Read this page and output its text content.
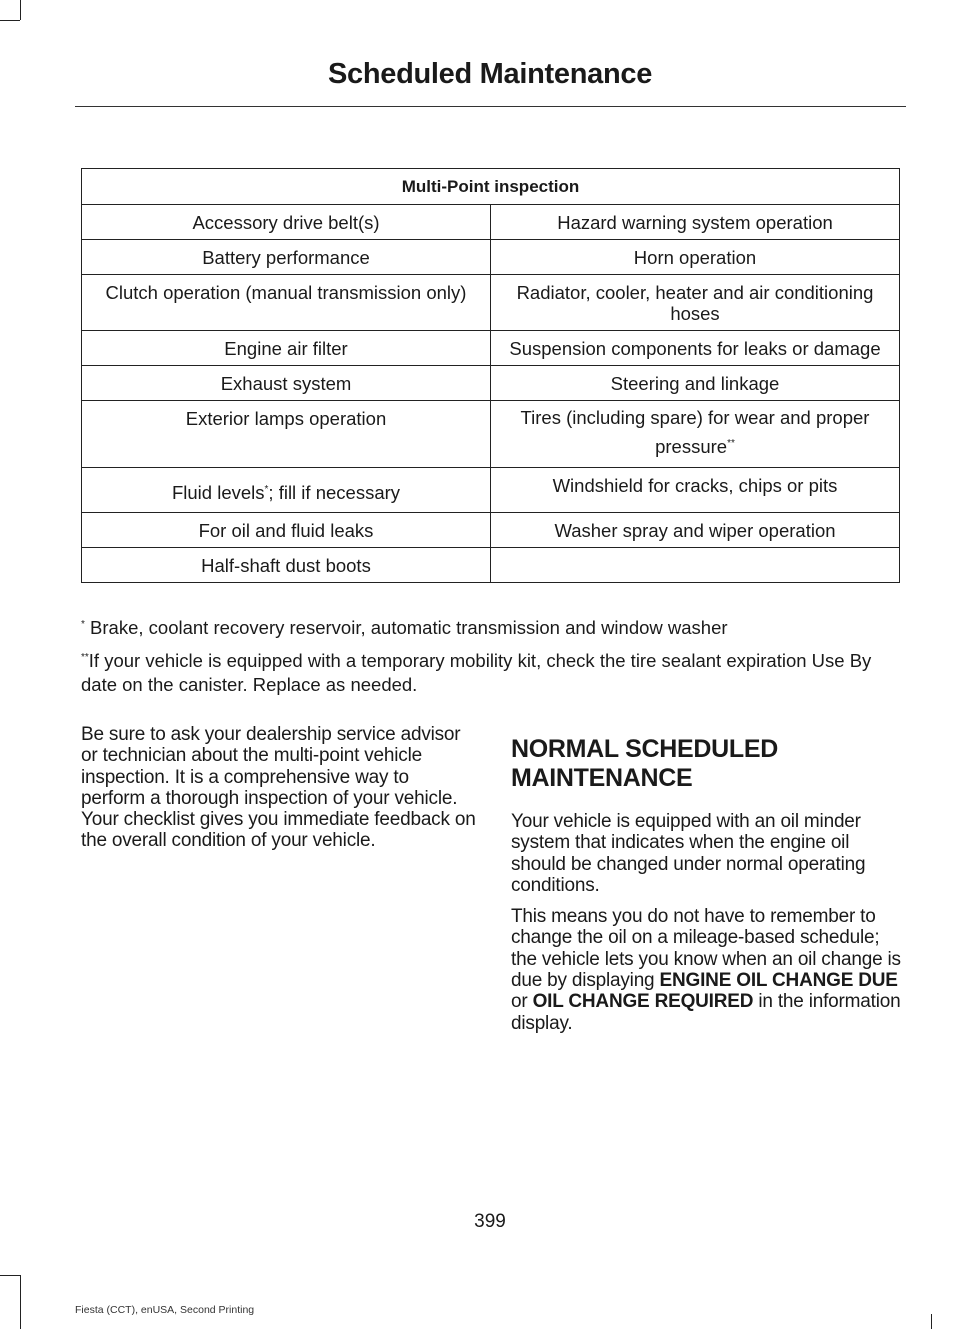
Scheduled Maintenance
Multi-Point inspection	
Accessory drive belt(s)	Hazard warning system operation
Battery performance	Horn operation
Clutch operation (manual transmission only)	Radiator, cooler, heater and air conditioning hoses
Engine air filter	Suspension components for leaks or damage
Exhaust system	Steering and linkage
Exterior lamps operation	Tires (including spare) for wear and proper pressure**
Fluid levels*; fill if necessary	Windshield for cracks, chips or pits
For oil and fluid leaks	Washer spray and wiper operation
Half-shaft dust boots	
* Brake, coolant recovery reservoir, automatic transmission and window washer
**If your vehicle is equipped with a temporary mobility kit, check the tire sealant expiration Use By date on the canister. Replace as needed.

Be sure to ask your dealership service advisor or technician about the multi-point vehicle inspection. It is a comprehensive way to perform a thorough inspection of your vehicle. Your checklist gives you immediate feedback on the overall condition of your vehicle.

NORMAL SCHEDULED
MAINTENANCE

Your vehicle is equipped with an oil minder system that indicates when the engine oil should be changed under normal operating conditions.

This means you do not have to remember to change the oil on a mileage-based schedule; the vehicle lets you know when an oil change is due by displaying ENGINE OIL CHANGE DUE or OIL CHANGE REQUIRED in the information display.

399
Fiesta (CCT), enUSA, Second Printing
